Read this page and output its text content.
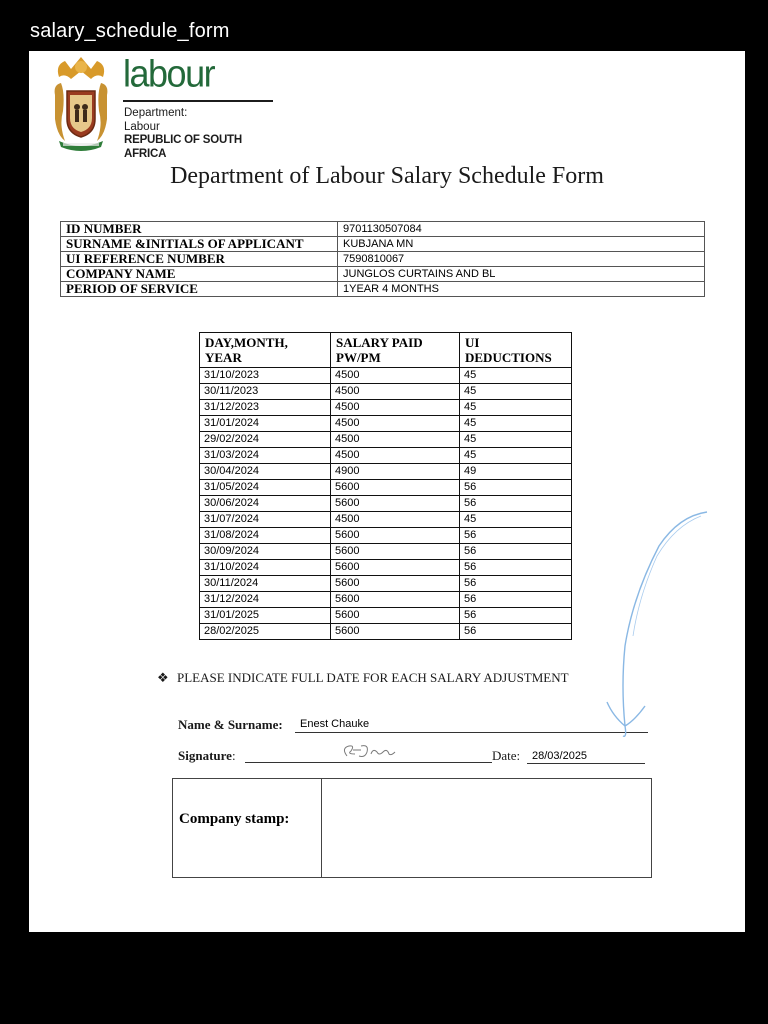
salary_schedule_form
labour
Department:
Labour
REPUBLIC OF SOUTH AFRICA
Department of Labour Salary Schedule Form
ID NUMBER	9701130507084
SURNAME &INITIALS OF APPLICANT	KUBJANA MN
UI REFERENCE NUMBER	7590810067
COMPANY NAME	JUNGLOS CURTAINS AND BL
PERIOD OF SERVICE	1YEAR 4 MONTHS
DAY,MONTH, YEAR	SALARY PAID PW/PM	UI DEDUCTIONS
31/10/2023	4500	45
30/11/2023	4500	45
31/12/2023	4500	45
31/01/2024	4500	45
29/02/2024	4500	45
31/03/2024	4500	45
30/04/2024	4900	49
31/05/2024	5600	56
30/06/2024	5600	56
31/07/2024	4500	45
31/08/2024	5600	56
30/09/2024	5600	56
31/10/2024	5600	56
30/11/2024	5600	56
31/12/2024	5600	56
31/01/2025	5600	56
28/02/2025	5600	56
❖ PLEASE INDICATE FULL DATE FOR EACH SALARY ADJUSTMENT
Name & Surname:	Enest Chauke
Signature:	Date:	28/03/2025
Company stamp:
